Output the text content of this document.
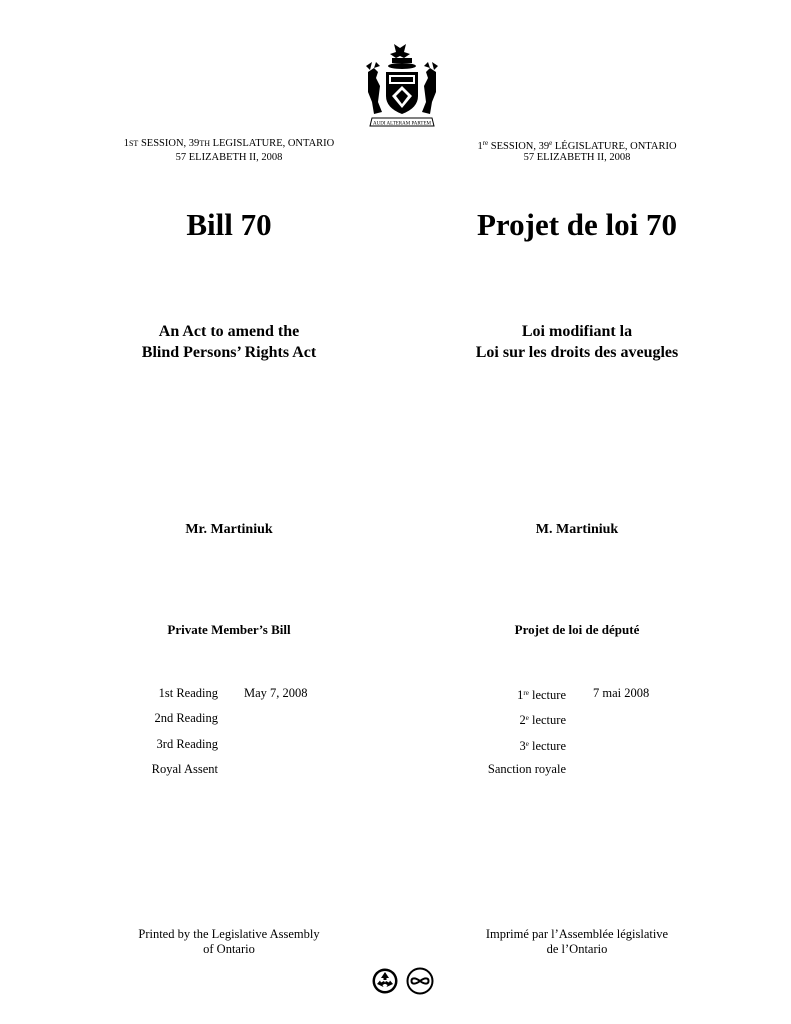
AUDI ALTERAM PARTEM
1ST SESSION, 39TH LEGISLATURE, ONTARIO
57 ELIZABETH II, 2008
Bill 70
An Act to amend the
Blind Persons’ Rights Act
Mr. Martiniuk
Private Member’s Bill
1st Reading May 7, 2008
2nd Reading
3rd Reading
Royal Assent
Printed by the Legislative Assembly
of Ontario
1re SESSION, 39e LÉGISLATURE, ONTARIO
57 ELIZABETH II, 2008
Projet de loi 70
Loi modifiant la
Loi sur les droits des aveugles
M. Martiniuk
Projet de loi de député
1re lecture 7 mai 2008
2e lecture
3e lecture
Sanction royale
Imprimé par l’Assemblée législative
de l’Ontario
